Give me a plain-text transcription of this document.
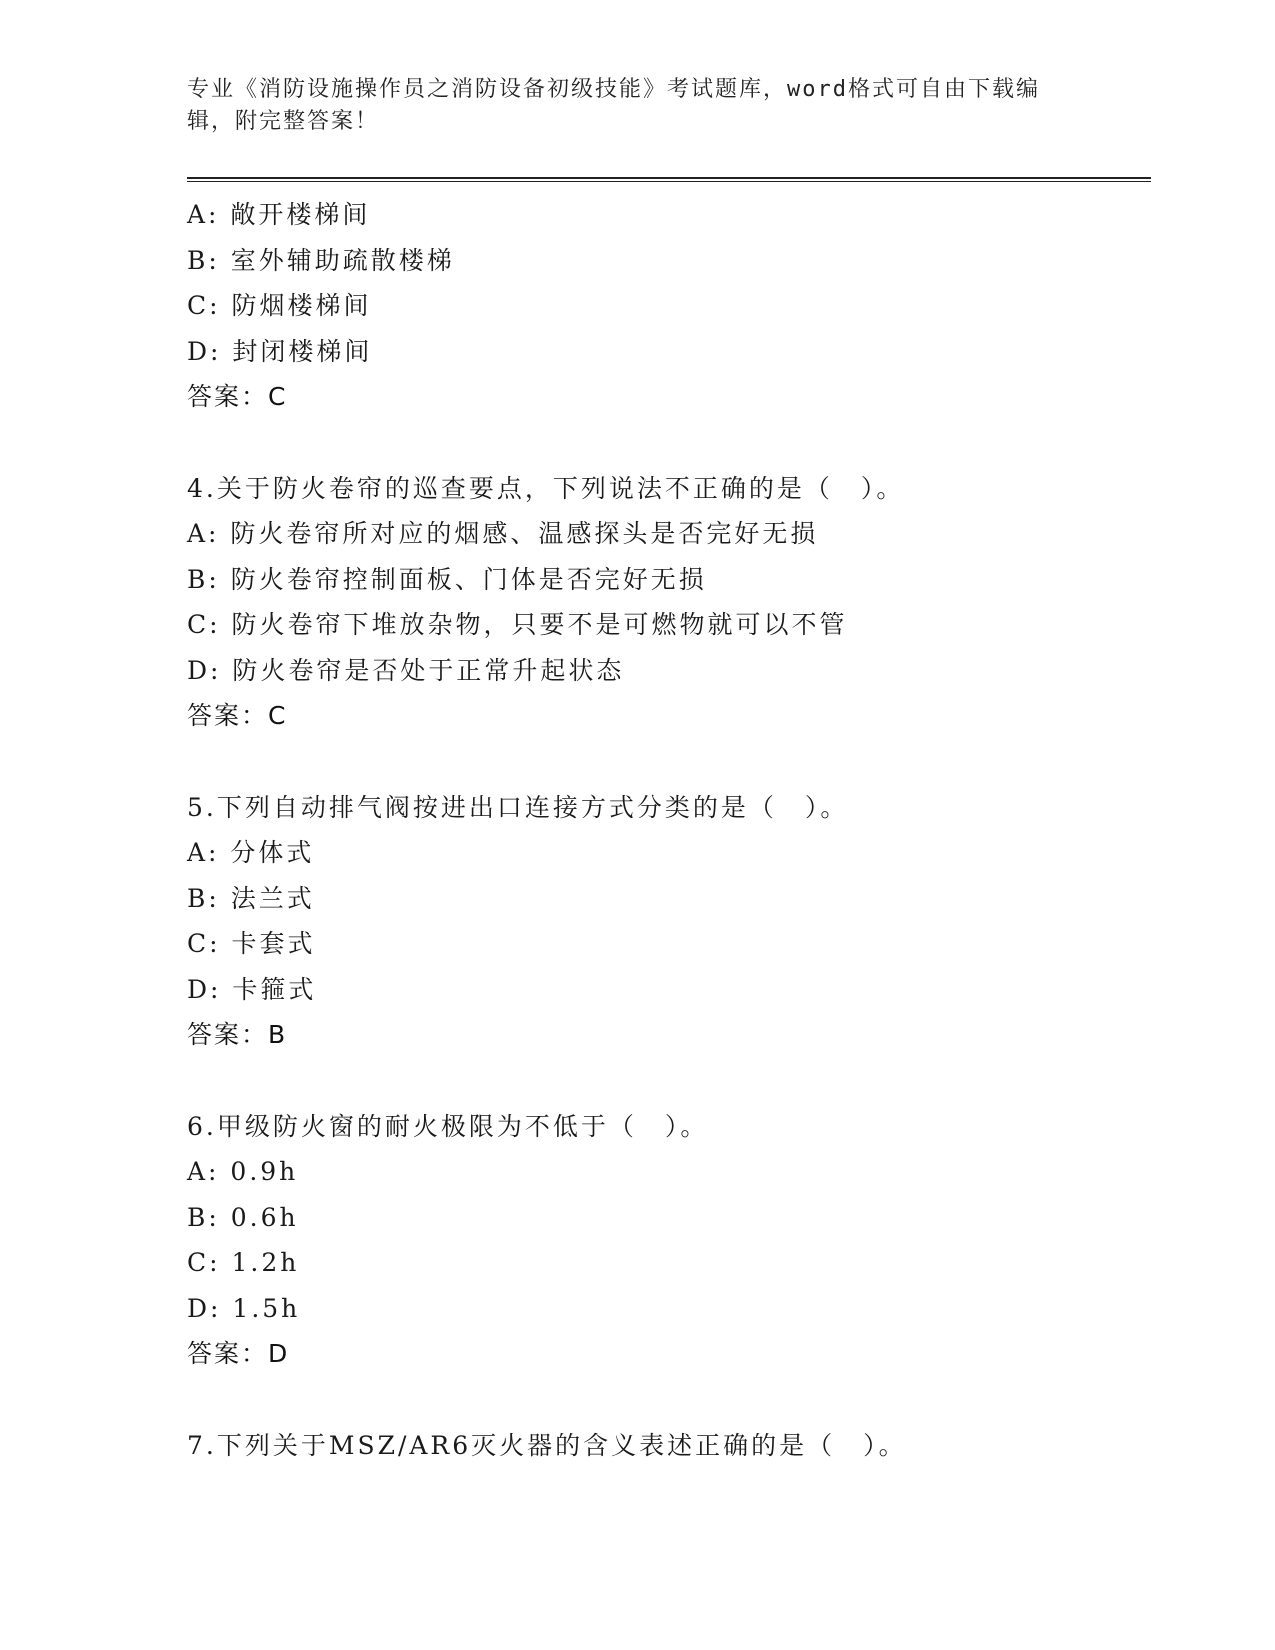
专业《消防设施操作员之消防设备初级技能》考试题库，word格式可自由下载编
辑，附完整答案！
A: 敞开楼梯间
B: 室外辅助疏散楼梯
C: 防烟楼梯间
D: 封闭楼梯间
答案：C
4.关于防火卷帘的巡查要点，下列说法不正确的是（　）。
A: 防火卷帘所对应的烟感、温感探头是否完好无损
B: 防火卷帘控制面板、门体是否完好无损
C: 防火卷帘下堆放杂物，只要不是可燃物就可以不管
D: 防火卷帘是否处于正常升起状态
答案：C
5.下列自动排气阀按进出口连接方式分类的是（　）。
A: 分体式
B: 法兰式
C: 卡套式
D: 卡箍式
答案：B
6.甲级防火窗的耐火极限为不低于（　）。
A: 0.9h
B: 0.6h
C: 1.2h
D: 1.5h
答案：D
7.下列关于MSZ/AR6灭火器的含义表述正确的是（　）。
